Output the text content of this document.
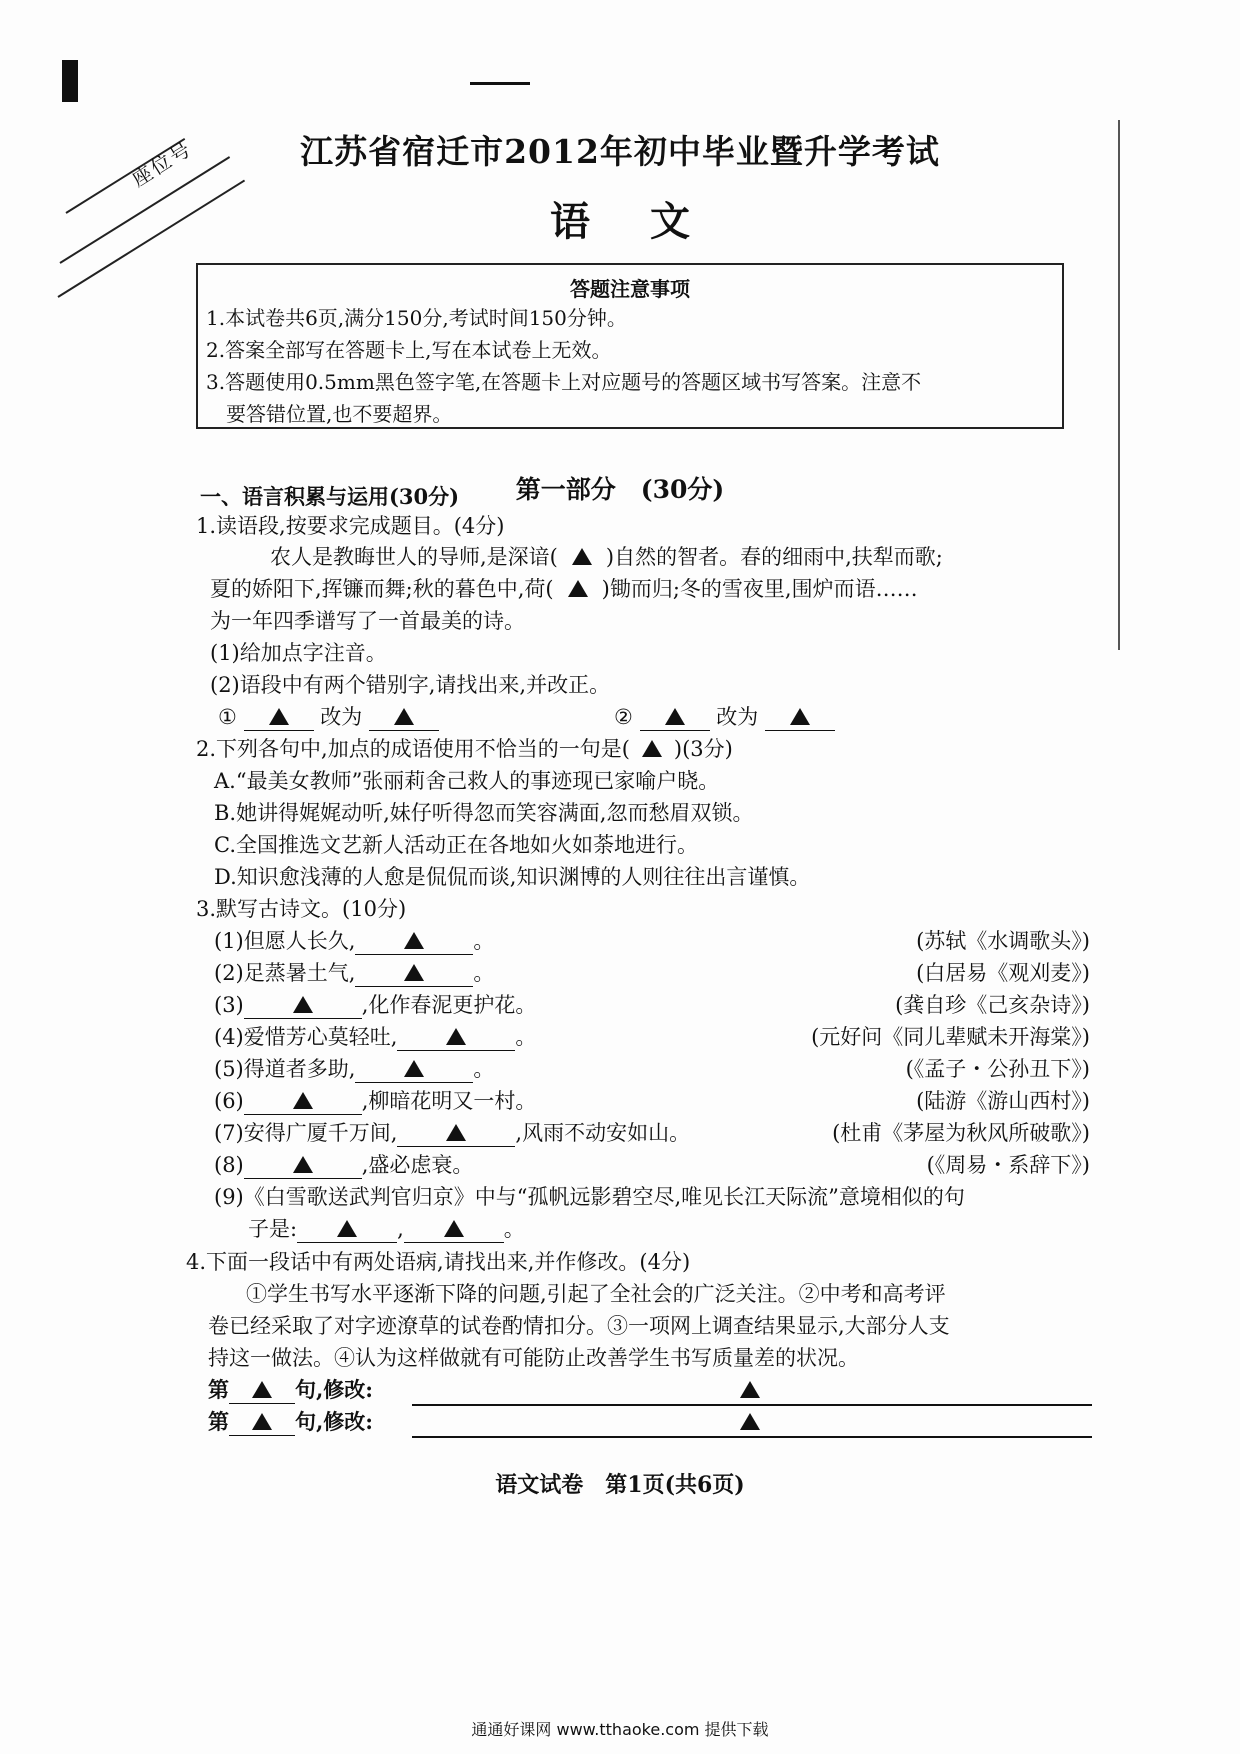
座位号	江苏省宿迁市2012年初中毕业暨升学考试
语文
答题注意事项
1.本试卷共6页,满分150分,考试时间150分钟。
2.答案全部写在答题卡上,写在本试卷上无效。
3.答题使用0.5mm黑色签字笔,在答题卡上对应题号的答题区域书写答案。注意不
要答错位置,也不要超界。
第一部分　(30分)
一、语言积累与运用(30分)
1.读语段,按要求完成题目。(4分)
农人是教晦世人的导师,是深谙( )自然的智者。春的细雨中,扶犁而歌;
夏的娇阳下,挥镰而舞;秋的暮色中,荷( )锄而归;冬的雪夜里,围炉而语……
为一年四季谱写了一首最美的诗。
(1)给加点字注音。
(2)语段中有两个错别字,请找出来,并改正。
①	改为	②	改为
2.下列各句中,加点的成语使用不恰当的一句是( )(3分)
A.“最美女教师”张丽莉舍己救人的事迹现已家喻户晓。
B.她讲得娓娓动听,妹仔听得忽而笑容满面,忽而愁眉双锁。
C.全国推选文艺新人活动正在各地如火如荼地进行。
D.知识愈浅薄的人愈是侃侃而谈,知识渊博的人则往往出言谨慎。
3.默写古诗文。(10分)
(1)但愿人长久,	。	(苏轼《水调歌头》)
(2)足蒸暑土气,	。	(白居易《观刈麦》)
(3)	,化作春泥更护花。	(龚自珍《己亥杂诗》)
(4)爱惜芳心莫轻吐,	。	(元好问《同儿辈赋未开海棠》)
(5)得道者多助,	。	(《孟子・公孙丑下》)
(6)	,柳暗花明又一村。	(陆游《游山西村》)
(7)安得广厦千万间,	,风雨不动安如山。	(杜甫《茅屋为秋风所破歌》)
(8)	,盛必虑衰。	(《周易・系辞下》)
(9)《白雪歌送武判官归京》中与“孤帆远影碧空尽,唯见长江天际流”意境相似的句
子是:	,	。
4.下面一段话中有两处语病,请找出来,并作修改。(4分)
①学生书写水平逐渐下降的问题,引起了全社会的广泛关注。②中考和高考评
卷已经采取了对字迹潦草的试卷酌情扣分。③一项网上调查结果显示,大部分人支
持这一做法。④认为这样做就有可能防止改善学生书写质量差的状况。
第	句,修改:
第	句,修改:
语文试卷　第1页(共6页)
通通好课网 www.tthaoke.com 提供下载
